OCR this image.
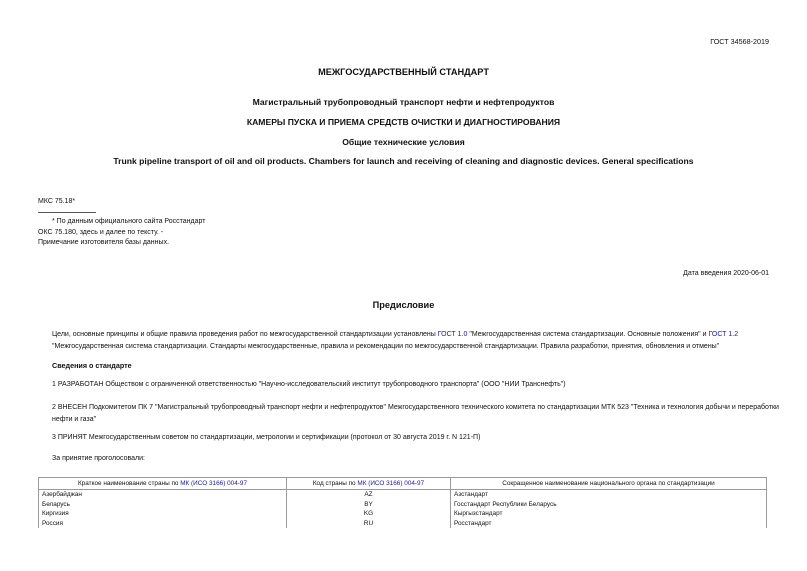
ГОСТ 34568-2019
МЕЖГОСУДАРСТВЕННЫЙ СТАНДАРТ
Магистральный трубопроводный транспорт нефти и нефтепродуктов
КАМЕРЫ ПУСКА И ПРИЕМА СРЕДСТВ ОЧИСТКИ И ДИАГНОСТИРОВАНИЯ
Общие технические условия
Trunk pipeline transport of oil and oil products. Chambers for launch and receiving of cleaning and diagnostic devices. General specifications
МКС 75.18*
* По данным официального сайта Росстандарт
ОКС 75.180, здесь и далее по тексту. -
Примечание изготовителя базы данных.
Дата введения 2020-06-01
Предисловие
Цели, основные принципы и общие правила проведения работ по межгосударственной стандартизации установлены ГОСТ 1.0 "Межгосударственная система стандартизации. Основные положения" и ГОСТ 1.2 "Межгосударственная система стандартизации. Стандарты межгосударственные, правила и рекомендации по межгосударственной стандартизации. Правила разработки, принятия, обновления и отмены"
Сведения о стандарте
1 РАЗРАБОТАН Обществом с ограниченной ответственностью "Научно-исследовательский институт трубопроводного транспорта" (ООО "НИИ Транснефть")
2 ВНЕСЕН Подкомитетом ПК 7 "Магистральный трубопроводный транспорт нефти и нефтепродуктов" Межгосударственного технического комитета по стандартизации МТК 523 "Техника и технология добычи и переработки нефти и газа"
3 ПРИНЯТ Межгосударственным советом по стандартизации, метрологии и сертификации (протокол от 30 августа 2019 г. N 121-П)
За принятие проголосовали:
Краткое наименование страны по МК (ИСО 3166) 004-97	Код страны по МК (ИСО 3166) 004-97	Сокращенное наименование национального органа по стандартизации
Азербайджан	AZ	Азстандарт
Беларусь	BY	Госстандарт Республики Беларусь
Киргизия	KG	Кыргызстандарт
Россия	RU	Росстандарт
